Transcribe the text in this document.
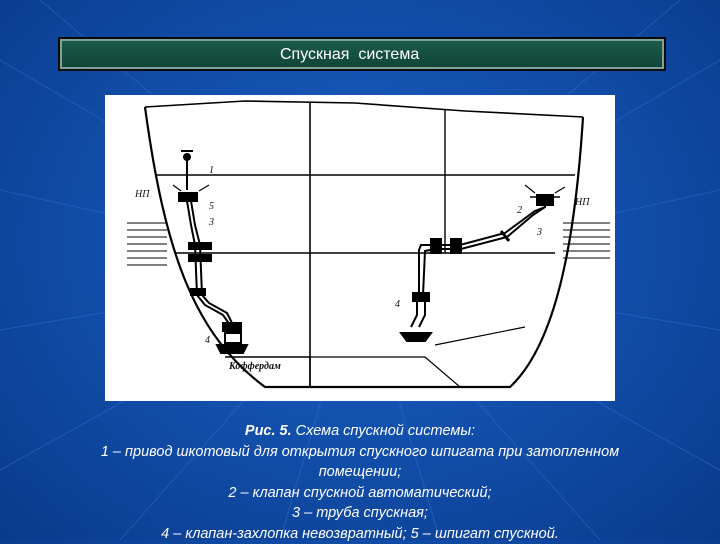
Спускная  система
НП
НП
1
5
3
2
3
4
4
Коффердам
Рис. 5. Схема спускной системы:
1 – привод шкотовый для открытия спускного шпигата при затопленном
помещении;
2 – клапан спускной автоматический;
3 – труба спускная;
4 – клапан-захлопка невозвратный; 5 – шпигат спускной.
